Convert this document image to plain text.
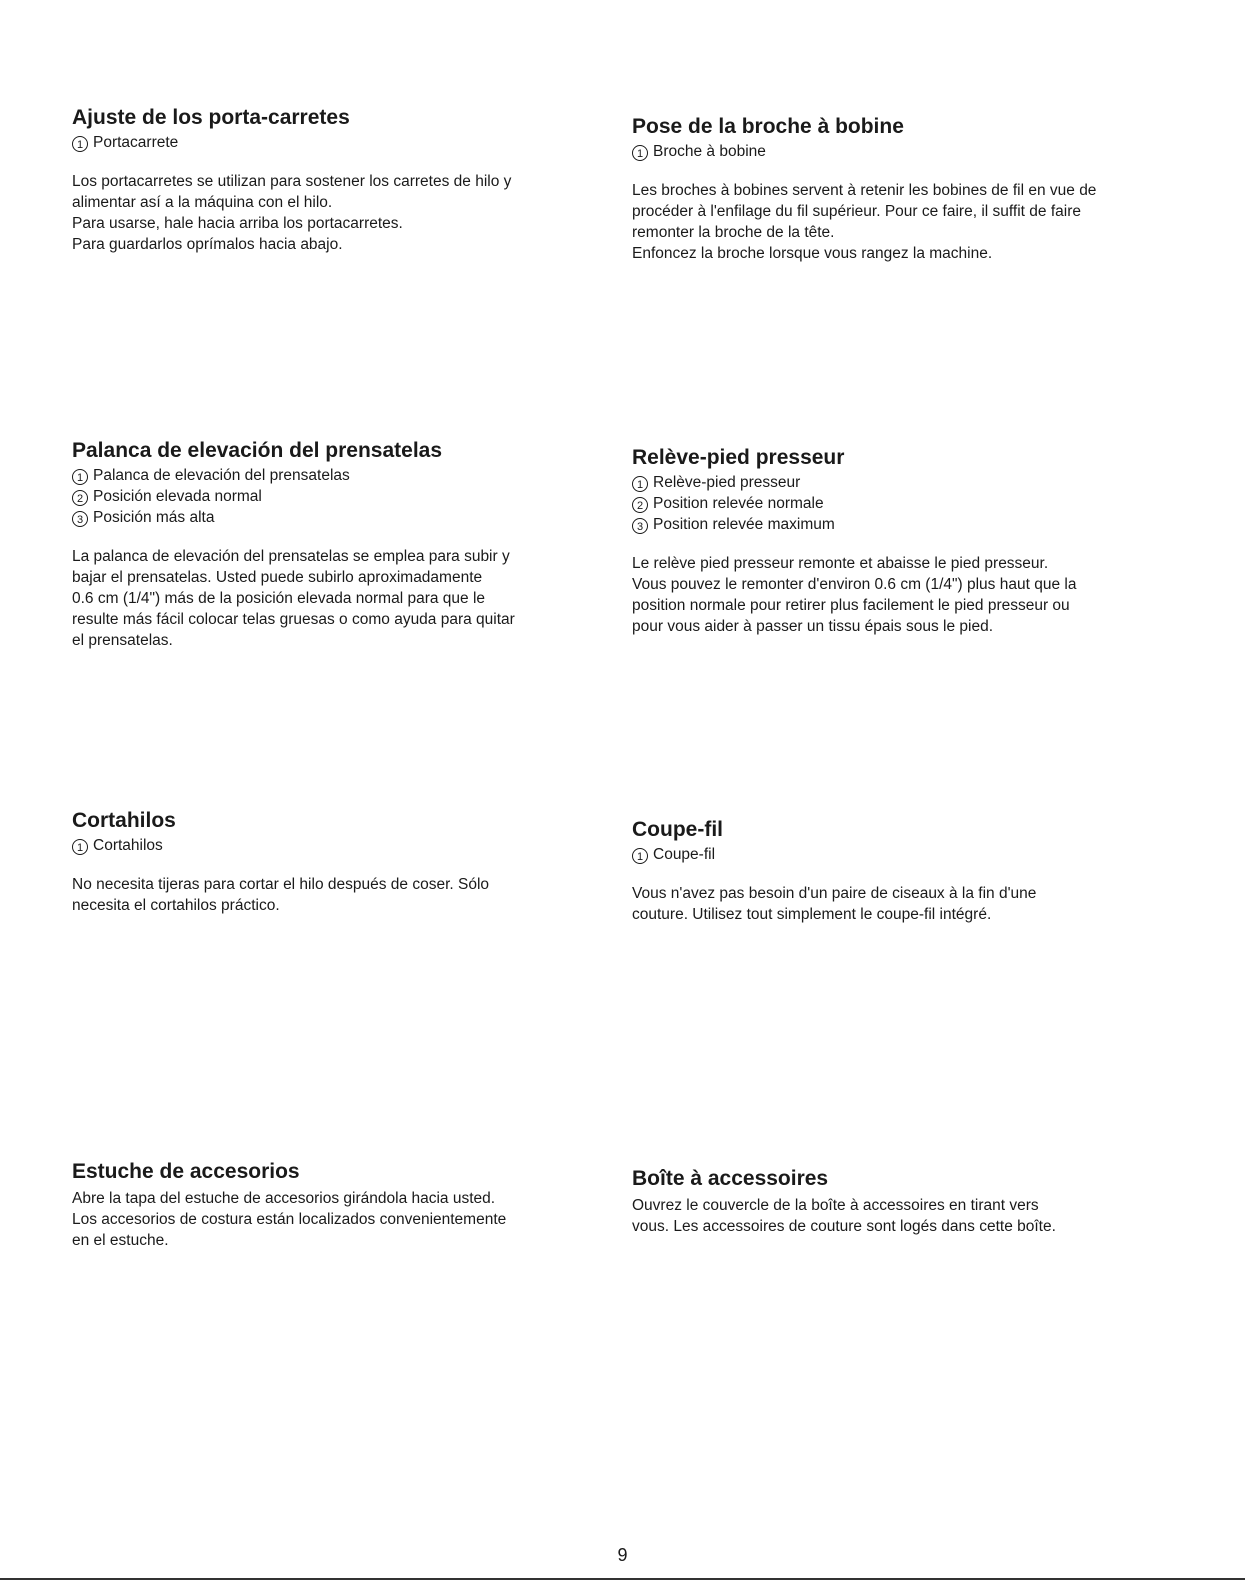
Ajuste de los porta-carretes
1 Portacarrete

Los portacarretes se utilizan para sostener los carretes de hilo y

alimentar así a la máquina con el hilo.

Para usarse, hale hacia arriba los portacarretes.

Para guardarlos oprímalos hacia abajo.

Pose de la broche à bobine
1 Broche à bobine

Les broches à bobines servent à retenir les bobines de fil en vue de

procéder à l'enfilage du fil supérieur. Pour ce faire, il suffit de faire

remonter la broche de la tête.

Enfoncez la broche lorsque vous rangez la machine.

Palanca de elevación del prensatelas
1 Palanca de elevación del prensatelas
2 Posición elevada normal
3 Posición más alta

La palanca de elevación del prensatelas se emplea para subir y

bajar el prensatelas. Usted puede subirlo aproximadamente

0.6 cm (1/4") más de la posición elevada normal para que le

resulte más fácil colocar telas gruesas o como ayuda para quitar

el prensatelas.

Relève-pied presseur
1 Relève-pied presseur
2 Position relevée normale
3 Position relevée maximum

Le relève pied presseur remonte et abaisse le pied presseur.

Vous pouvez le remonter d'environ 0.6 cm (1/4") plus haut que la

position normale pour retirer plus facilement le pied presseur ou

pour vous aider à passer un tissu épais sous le pied.

Cortahilos
1 Cortahilos

No necesita tijeras para cortar el hilo después de coser. Sólo

necesita el cortahilos práctico.

Coupe-fil
1 Coupe-fil

Vous n'avez pas besoin d'un paire de ciseaux à la fin d'une

couture. Utilisez tout simplement le coupe-fil intégré.

Estuche de accesorios

Abre la tapa del estuche de accesorios girándola hacia usted.

Los accesorios de costura están localizados convenientemente

en el estuche.

Boîte à accessoires

Ouvrez le couvercle de la boîte à accessoires en tirant vers

vous. Les accessoires de couture sont logés dans cette boîte.

9
